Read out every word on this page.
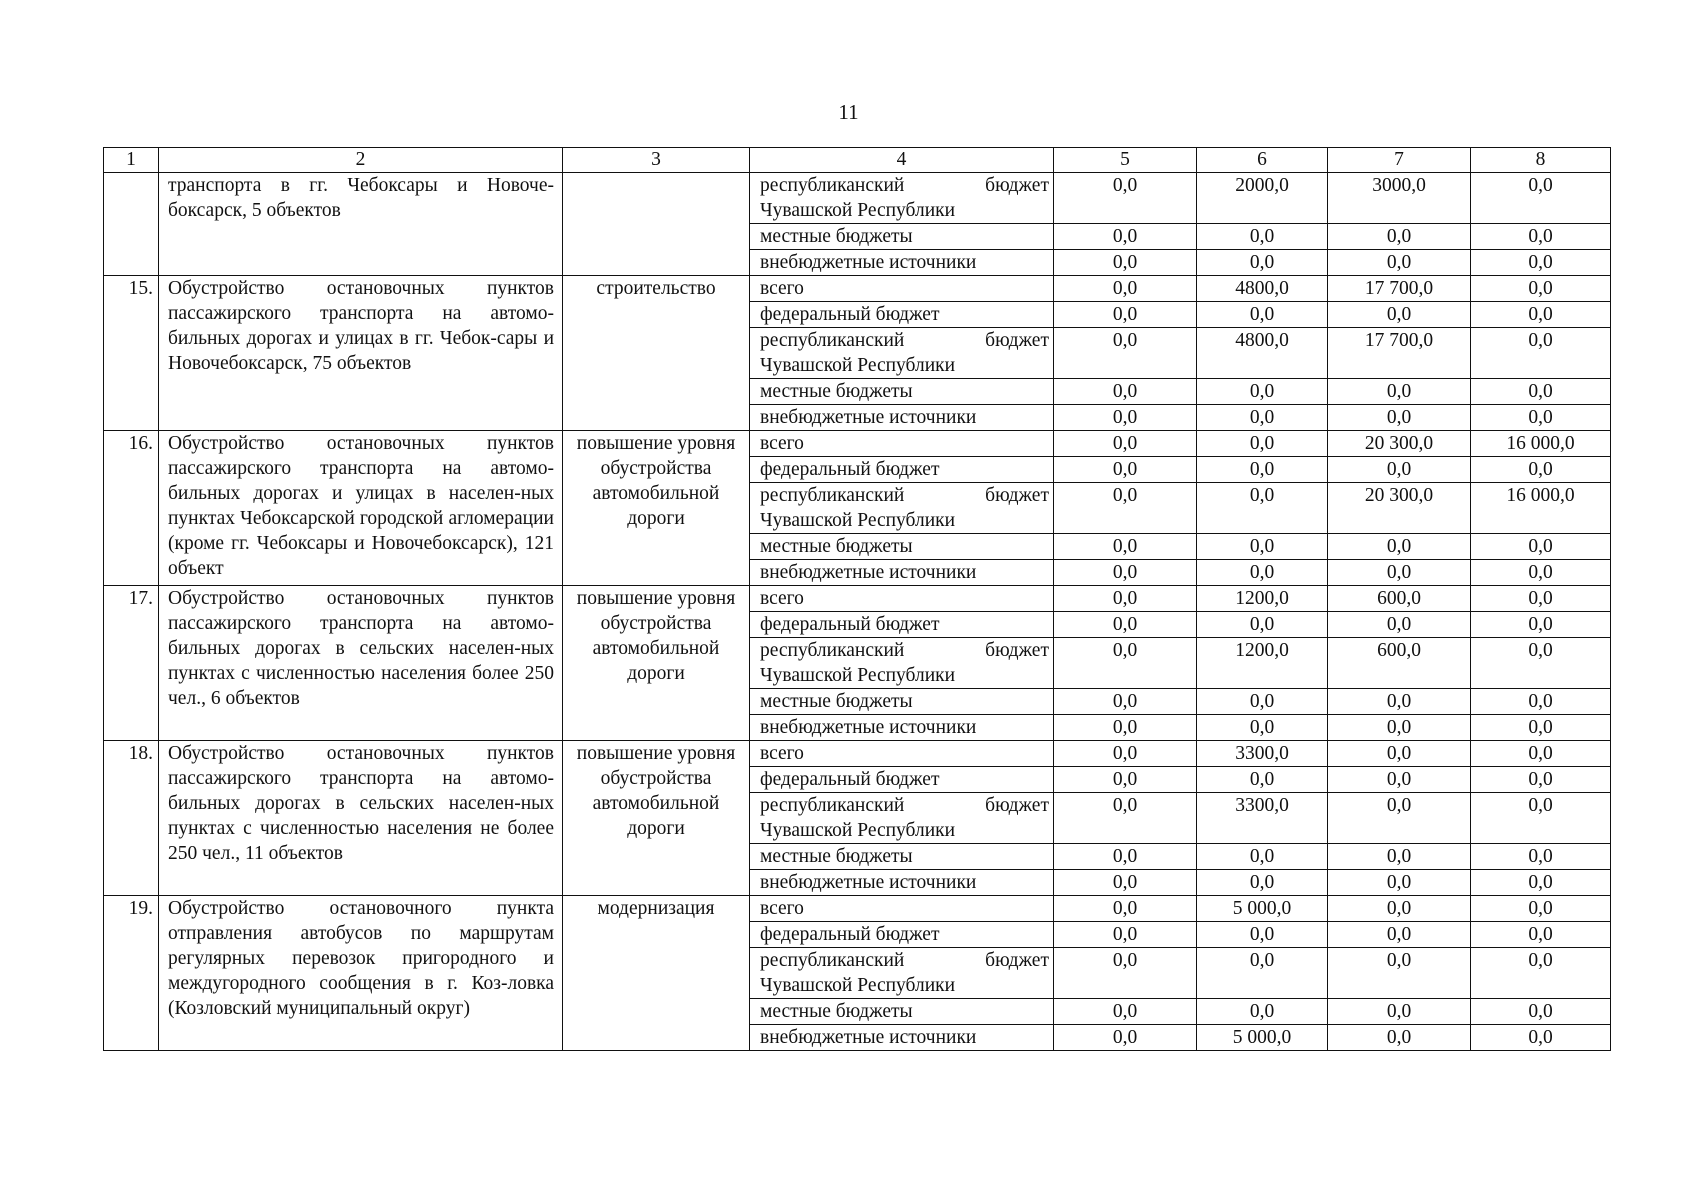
11
1	2	3	4	5	6	7	8
	транспорта в гг. Чебоксары и Новоче-боксарск, 5 объектов		республиканский бюджет Чувашской Республики	0,0	2000,0	3000,0	0,0
			местные бюджеты	0,0	0,0	0,0	0,0
			внебюджетные источники	0,0	0,0	0,0	0,0
15.	Обустройство остановочных пунктов пассажирского транспорта на автомо-бильных дорогах и улицах в гг. Чебок-сары и Новочебоксарск, 75 объектов	строительство	всего	0,0	4800,0	17 700,0	0,0
			федеральный бюджет	0,0	0,0	0,0	0,0
			республиканский бюджет Чувашской Республики	0,0	4800,0	17 700,0	0,0
			местные бюджеты	0,0	0,0	0,0	0,0
			внебюджетные источники	0,0	0,0	0,0	0,0
16.	Обустройство остановочных пунктов пассажирского транспорта на автомо-бильных дорогах и улицах в населен-ных пунктах Чебоксарской городской агломерации (кроме гг. Чебоксары и Новочебоксарск), 121 объект	повышение уровня обустройства автомобильной дороги	всего	0,0	0,0	20 300,0	16 000,0
			федеральный бюджет	0,0	0,0	0,0	0,0
			республиканский бюджет Чувашской Республики	0,0	0,0	20 300,0	16 000,0
			местные бюджеты	0,0	0,0	0,0	0,0
			внебюджетные источники	0,0	0,0	0,0	0,0
17.	Обустройство остановочных пунктов пассажирского транспорта на автомо-бильных дорогах в сельских населен-ных пунктах с численностью населения более 250 чел., 6 объектов	повышение уровня обустройства автомобильной дороги	всего	0,0	1200,0	600,0	0,0
			федеральный бюджет	0,0	0,0	0,0	0,0
			республиканский бюджет Чувашской Республики	0,0	1200,0	600,0	0,0
			местные бюджеты	0,0	0,0	0,0	0,0
			внебюджетные источники	0,0	0,0	0,0	0,0
18.	Обустройство остановочных пунктов пассажирского транспорта на автомо-бильных дорогах в сельских населен-ных пунктах с численностью населения не более 250 чел., 11 объектов	повышение уровня обустройства автомобильной дороги	всего	0,0	3300,0	0,0	0,0
			федеральный бюджет	0,0	0,0	0,0	0,0
			республиканский бюджет Чувашской Республики	0,0	3300,0	0,0	0,0
			местные бюджеты	0,0	0,0	0,0	0,0
			внебюджетные источники	0,0	0,0	0,0	0,0
19.	Обустройство остановочного пункта отправления автобусов по маршрутам регулярных перевозок пригородного и междугородного сообщения в г. Коз-ловка (Козловский муниципальный округ)	модернизация	всего	0,0	5 000,0	0,0	0,0
			федеральный бюджет	0,0	0,0	0,0	0,0
			республиканский бюджет Чувашской Республики	0,0	0,0	0,0	0,0
			местные бюджеты	0,0	0,0	0,0	0,0
			внебюджетные источники	0,0	5 000,0	0,0	0,0
